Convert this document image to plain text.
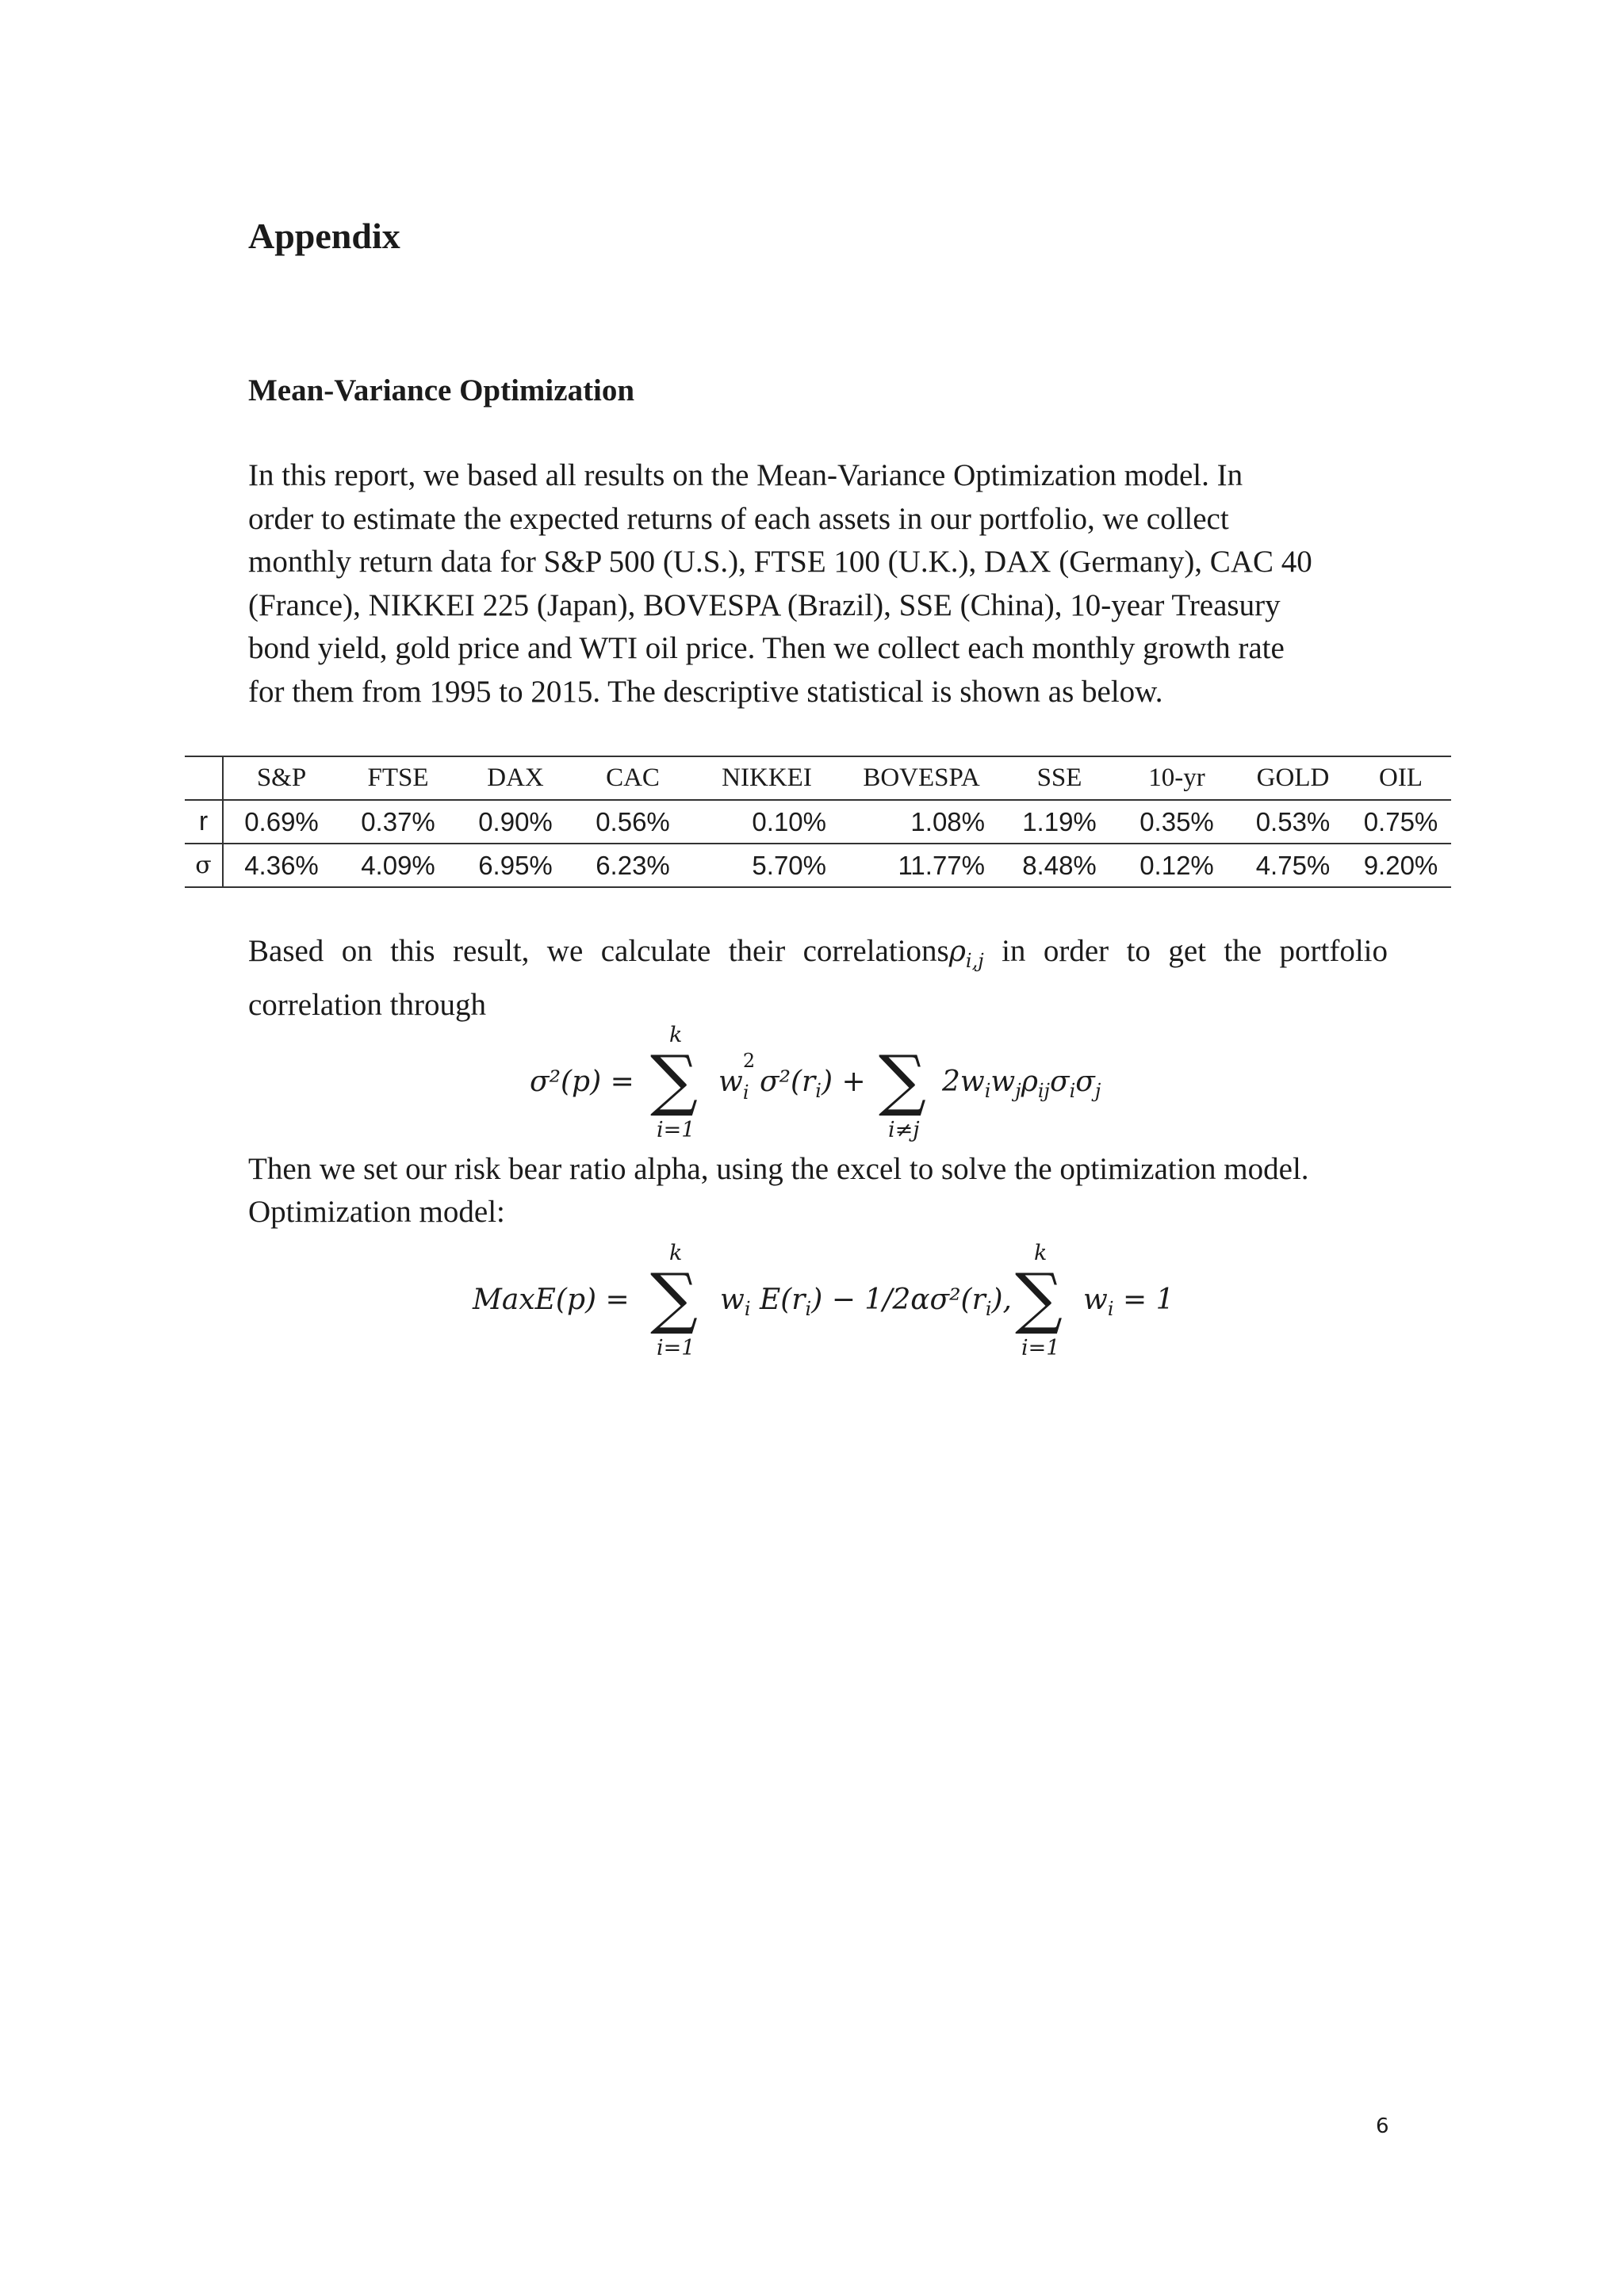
Appendix
Mean-Variance Optimization

In this report, we based all results on the Mean-Variance Optimization model. In
order to estimate the expected returns of each assets in our portfolio, we collect
monthly return data for S&P 500 (U.S.), FTSE 100 (U.K.), DAX (Germany), CAC 40
(France), NIKKEI 225 (Japan), BOVESPA (Brazil), SSE (China), 10-year Treasury
bond yield, gold price and WTI oil price. Then we collect each monthly growth rate
for them from 1995 to 2015. The descriptive statistical is shown as below.

	S&P	FTSE	DAX	CAC	NIKKEI	BOVESPA	SSE	10-yr	GOLD	OIL
r	0.69%	0.37%	0.90%	0.56%	0.10%	1.08%	1.19%	0.35%	0.53%	0.75%
σ	4.36%	4.09%	6.95%	6.23%	5.70%	11.77%	8.48%	0.12%	4.75%	9.20%

Based on this result, we calculate their correlationsρ$_{i,j}$ in order to get the portfolio correlation through

σ²(p) =
k
∑
i=1
w
2
i $\sigma^2(r_i)$ + ∑
i≠j
$2w_iw_j\rho_{ij}\sigma_i\sigma_j$

Then we set our risk bear ratio alpha, using the excel to solve the optimization model.

Optimization model:

MaxE(p) =
k
∑
i=1
$w_i$ $E(r_i) - 1/2\alpha\sigma^2(r_i)$,
k
∑
i=1
$w_i = 1$
6
